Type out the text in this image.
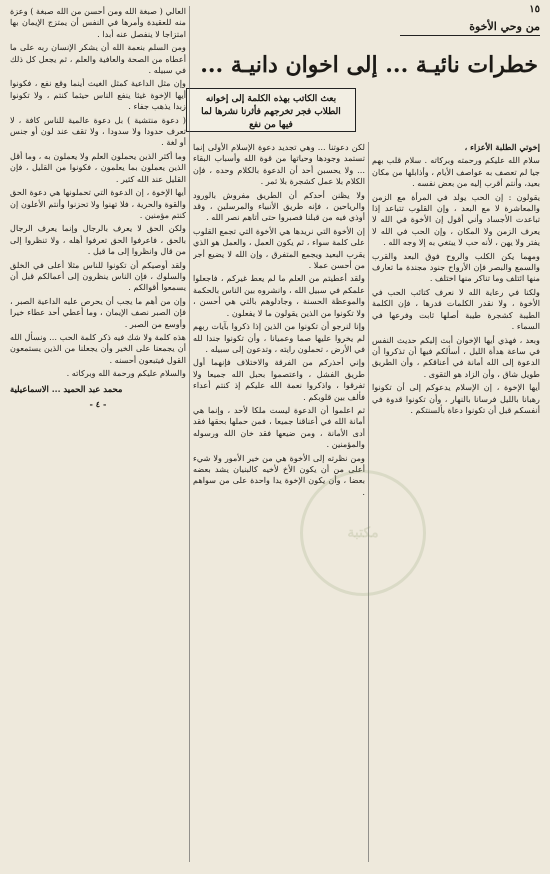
١٥
من وحي الأخوة
خطرات نائيـة ... إلى اخوان دانيـة ...
بعث الكاتب بهذه الكلمة إلى إخوانه الطلاب فجر تخرجهم فأثرنا نشرها لما فيها من نفع

إخوتي الطلبة الأعزاء ،

سلام الله عليكم ورحمته وبركاته . سلام قلب بهم جيا لم تعصف به عواصف الأيام ، وأذابلها من مكان بعيد، وأنتم أقرب إليه من بعض نفسه .

يقولون : إن الحب يولد في المرأة مع الزمن والمعاشرة لا مع البعد ، وإن القلوب تتباعد إذا تباعدت الأجساد وأني أقول إن الأخوة في الله لا يعرف الزمن ولا المكان ، وإن الحب في الله لا يفتر ولا يهن ، لأنه حب لا يبتغي به إلا وجه الله .

ومهما يكن الكلب والروح فوق البعد والقرب والسمع والبصر فإن الأرواح جنود مجندة ما تعارف منها ائتلف وما تناكر منها اختلف .

ولكنا في رعاية الله لا نعرف كتائب الحب في الأخوة ، ولا نقدر الكلمات قدرها ، فإن الكلمة الطيبة كشجرة طيبة أصلها ثابت وفرعها في السماء .

وبعد ، فهذي أيها الإخوان أبث إليكم حديث النفس في ساعة هدأة الليل ، أسألكم فيها أن تذكروا أن الدعوة إلى الله أمانة في أعناقكم ، وأن الطريق طويل شاق ، وأن الزاد هو التقوى .

أيها الإخوة ، إن الإسلام يدعوكم إلى أن تكونوا رهبانا بالليل فرسانا بالنهار ، وأن تكونوا قدوة في أنفسكم قبل أن تكونوا دعاة بألسنتكم .

لكن دعوتنا ... وهي تجديد دعوة الإسلام الأولى إنما تستمد وجودها وحياتها من قوة الله وأسباب البقاء ... ولا يحسبن أحد أن الدعوة بالكلام وحده ، فإن الكلام بلا عمل كشجرة بلا ثمر .

ولا يظنن أحدكم أن الطريق مفروش بالورود والرياحين ، فإنه طريق الأنبياء والمرسلين ، وقد أوذي فيه من قبلنا فصبروا حتى أتاهم نصر الله .

إن الأخوة التي نريدها هي الأخوة التي تجمع القلوب على كلمة سواء ، ثم يكون العمل ، والعمل هو الذي يقرب البعيد ويجمع المتفرق ، وإن الله لا يضيع أجر من أحسن عملا .

ولقد أعطيتم من العلم ما لم يعط غيركم ، فاجعلوا علمكم في سبيل الله ، وانشروه بين الناس بالحكمة والموعظة الحسنة ، وجادلوهم بالتي هي أحسن ، ولا تكونوا من الذين يقولون ما لا يفعلون .

وإنا لنرجو أن تكونوا من الذين إذا ذكروا بآيات ربهم لم يخروا عليها صما وعميانا ، وأن تكونوا جندا لله في الأرض ، تحملون رايته ، وتدعون إلى سبيله .

وإني أحذركم من الفرقة والاختلاف فإنهما أول طريق الفشل ، واعتصموا بحبل الله جميعا ولا تفرقوا ، واذكروا نعمة الله عليكم إذ كنتم أعداء فألف بين قلوبكم .

ثم اعلموا أن الدعوة ليست ملكا لأحد ، وإنما هي أمانة الله في أعناقنا جميعا ، فمن حملها بحقها فقد أدى الأمانة ، ومن ضيعها فقد خان الله ورسوله والمؤمنين .

ومن نظرته إلى الأخوة هي من خير الأمور ولا شيء أعلى من أن يكون الأخ لأخيه كالبنيان يشد بعضه بعضا ، وأن يكون الإخوة يدا واحدة على من سواهم .

العالي ( صبغة الله ومن أحسن من الله صبغة ) وعزة منه للعقيدة وأمرها في النفس أن يمتزج الإيمان بها امتزاجا لا ينفصل عنه أبدا .

ومن السلم بنعمة الله أن يشكر الإنسان ربه على ما أعطاه من الصحة والعافية والعلم ، ثم يجعل كل ذلك في سبيله .

وإن مثل الداعية كمثل الغيث أينما وقع نفع ، فكونوا أيها الإخوة غيثا ينفع الناس حيثما كنتم ، ولا تكونوا زبدا يذهب جفاء .

( دعوة منتشية ) بل دعوة عالمية للناس كافة ، لا تعرف حدودا ولا سدودا ، ولا تقف عند لون أو جنس أو لغة .

وما أكثر الذين يحملون العلم ولا يعملون به ، وما أقل الذين يعملون بما يعلمون ، فكونوا من القليل ، فإن القليل عند الله كثير .

أيها الإخوة ، إن الدعوة التي تحملونها هي دعوة الحق والقوة والحرية ، فلا تهنوا ولا تحزنوا وأنتم الأعلون إن كنتم مؤمنين .

ولكن الحق لا يعرف بالرجال وإنما يعرف الرجال بالحق ، فاعرفوا الحق تعرفوا أهله ، ولا تنظروا إلى من قال وانظروا إلى ما قيل .

ولقد أوصيكم أن تكونوا للناس مثلا أعلى في الخلق والسلوك ، فإن الناس ينظرون إلى أعمالكم قبل أن يسمعوا أقوالكم .

وإن من أهم ما يجب أن يحرص عليه الداعية الصبر ، فإن الصبر نصف الإيمان ، وما أعطي أحد عطاء خيرا وأوسع من الصبر .

هذه كلمة ولا شك فيه ذكر كلمة الحب ... ونسأل الله أن يجمعنا على الخير وأن يجعلنا من الذين يستمعون القول فيتبعون أحسنه .

والسلام عليكم ورحمة الله وبركاته .

محمد عبد الحميد ... الاسماعيلية
- ٤ -
مكتبة
